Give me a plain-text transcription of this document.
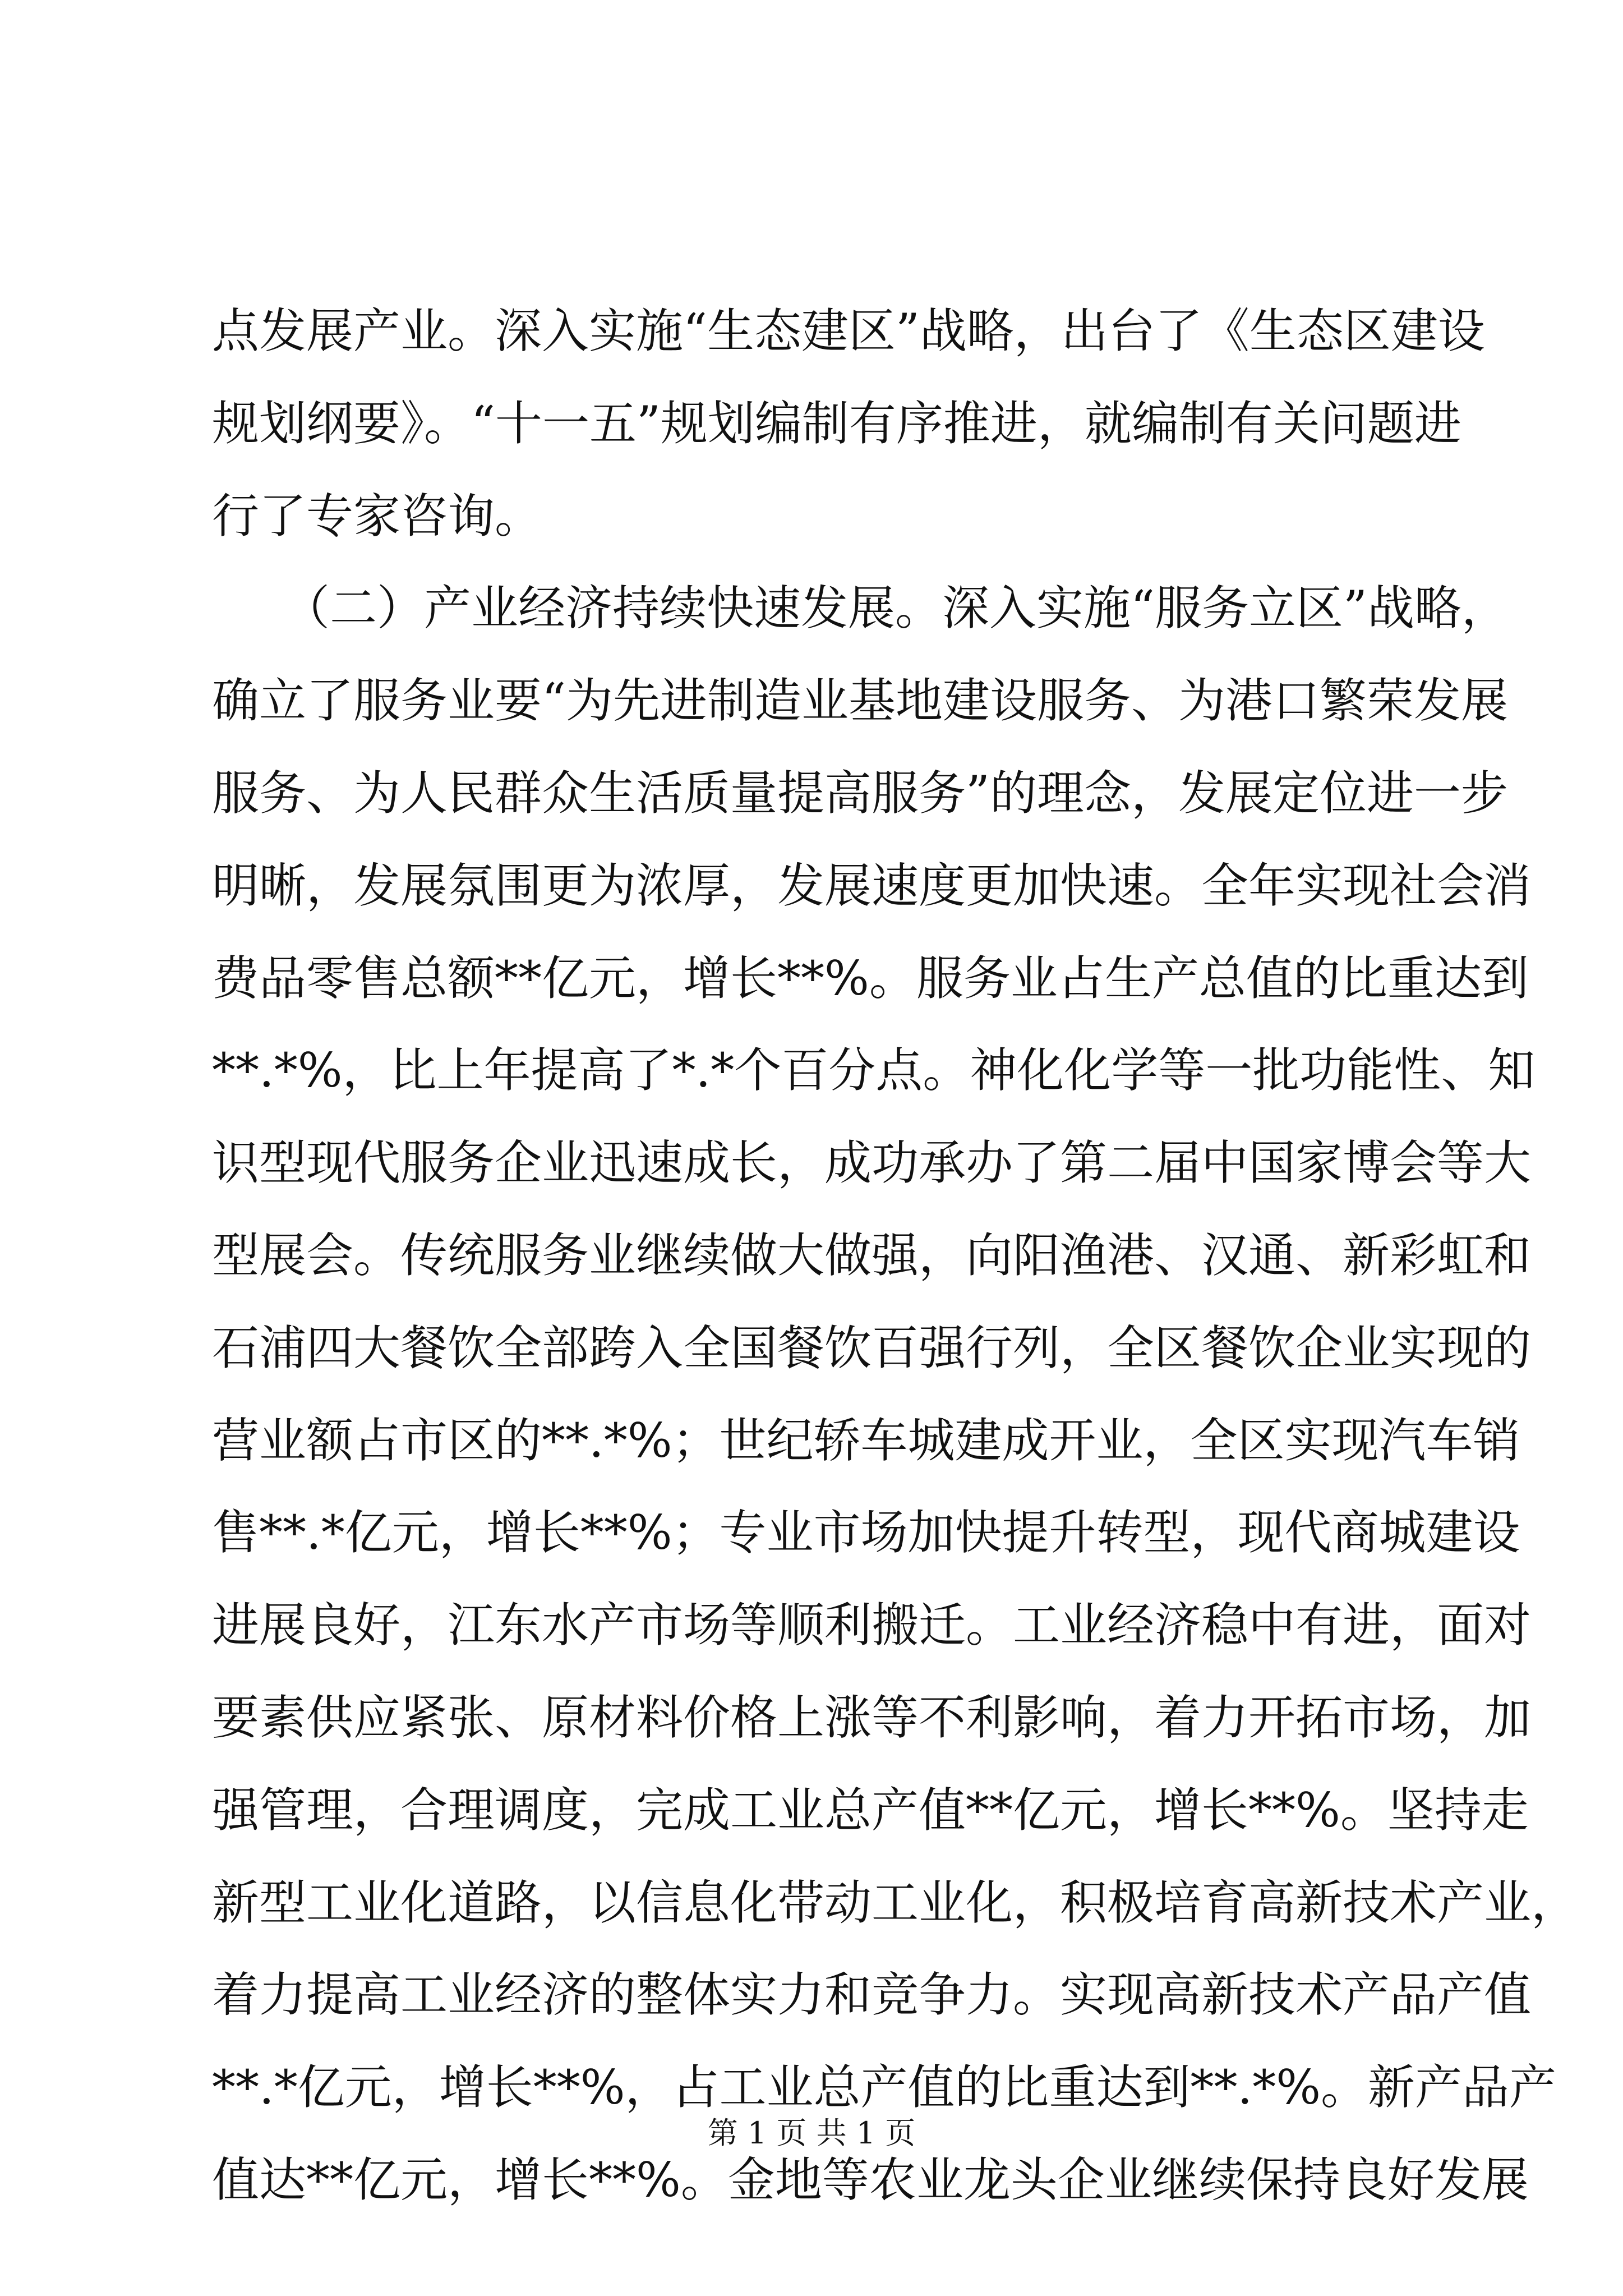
点发展产业。深入实施“生态建区”战略，出台了《生态区建设
规划纲要》。“十一五”规划编制有序推进，就编制有关问题进
行了专家咨询。
　　（二）产业经济持续快速发展。深入实施“服务立区”战略，
确立了服务业要“为先进制造业基地建设服务、为港口繁荣发展
服务、为人民群众生活质量提高服务”的理念，发展定位进一步
明晰，发展氛围更为浓厚，发展速度更加快速。全年实现社会消
费品零售总额**亿元，增长**%。服务业占生产总值的比重达到
**.*%，比上年提高了*.*个百分点。神化化学等一批功能性、知
识型现代服务企业迅速成长，成功承办了第二届中国家博会等大
型展会。传统服务业继续做大做强，向阳渔港、汉通、新彩虹和
石浦四大餐饮全部跨入全国餐饮百强行列，全区餐饮企业实现的
营业额占市区的**.*%；世纪轿车城建成开业，全区实现汽车销
售**.*亿元，增长**%；专业市场加快提升转型，现代商城建设
进展良好，江东水产市场等顺利搬迁。工业经济稳中有进，面对
要素供应紧张、原材料价格上涨等不利影响，着力开拓市场，加
强管理，合理调度，完成工业总产值**亿元，增长**%。坚持走
新型工业化道路，以信息化带动工业化，积极培育高新技术产业，
着力提高工业经济的整体实力和竞争力。实现高新技术产品产值
**.*亿元，增长**%，占工业总产值的比重达到**.*%。新产品产
值达**亿元，增长**%。金地等农业龙头企业继续保持良好发展
第 1 页 共 1 页
